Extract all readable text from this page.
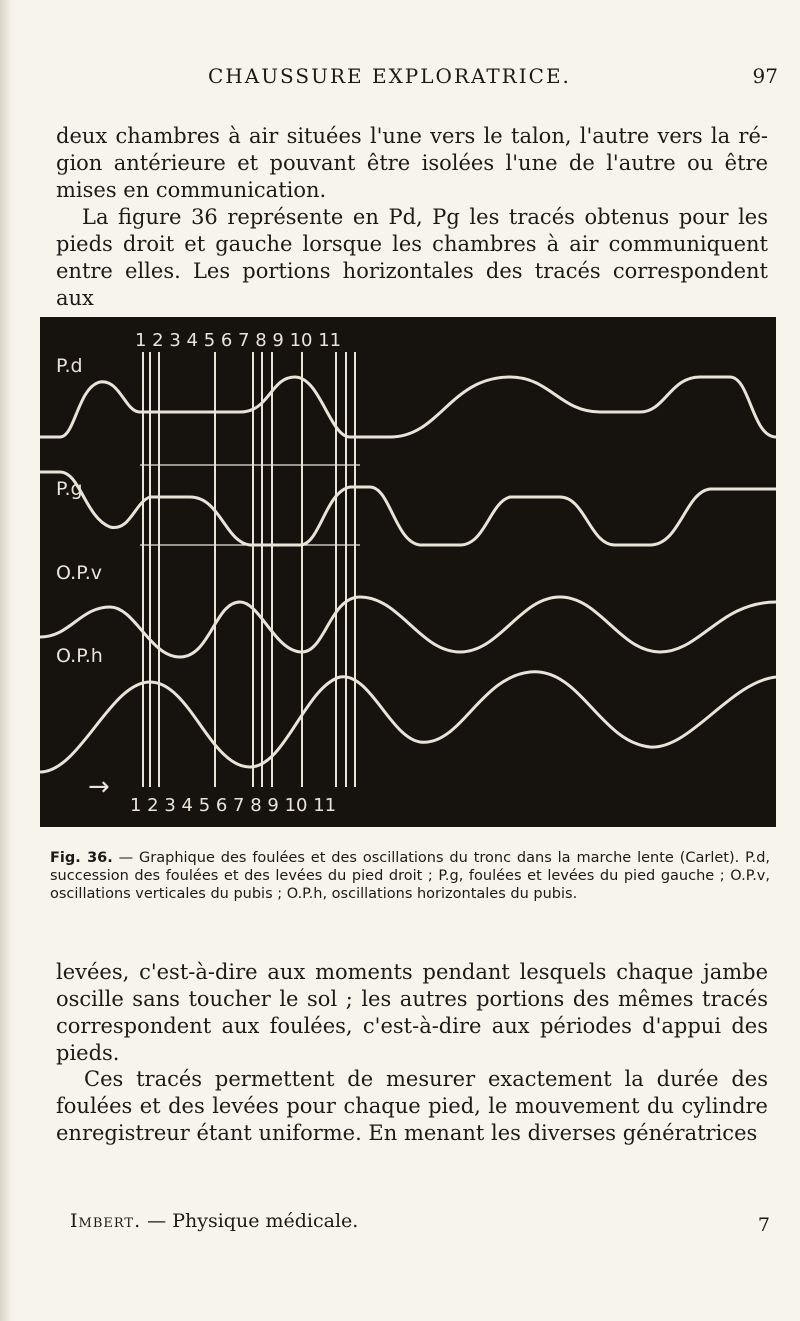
CHAUSSURE EXPLORATRICE.	97

deux chambres à air situées l'une vers le talon, l'autre vers la ré-gion antérieure et pouvant être isolées l'une de l'autre ou être mises en communication.

La figure 36 représente en Pd, Pg les tracés obtenus pour les pieds droit et gauche lorsque les chambres à air communiquent entre elles. Les portions horizontales des tracés correspondent aux

P.d
P.g
O.P.v
O.P.h
1 2 3 4 5 6 7 8 9 10 11
1 2 3 4 5 6 7 8 9 10 11
→

Fig. 36. — Graphique des foulées et des oscillations du tronc dans la marche lente (Carlet). P.d, succession des foulées et des levées du pied droit ; P.g, foulées et levées du pied gauche ; O.P.v, oscillations verticales du pubis ; O.P.h, oscillations horizontales du pubis.

levées, c'est-à-dire aux moments pendant lesquels chaque jambe oscille sans toucher le sol ; les autres portions des mêmes tracés correspondent aux foulées, c'est-à-dire aux périodes d'appui des pieds.

Ces tracés permettent de mesurer exactement la durée des foulées et des levées pour chaque pied, le mouvement du cylindre enregistreur étant uniforme. En menant les diverses génératrices

Imbert. — Physique médicale.	7
